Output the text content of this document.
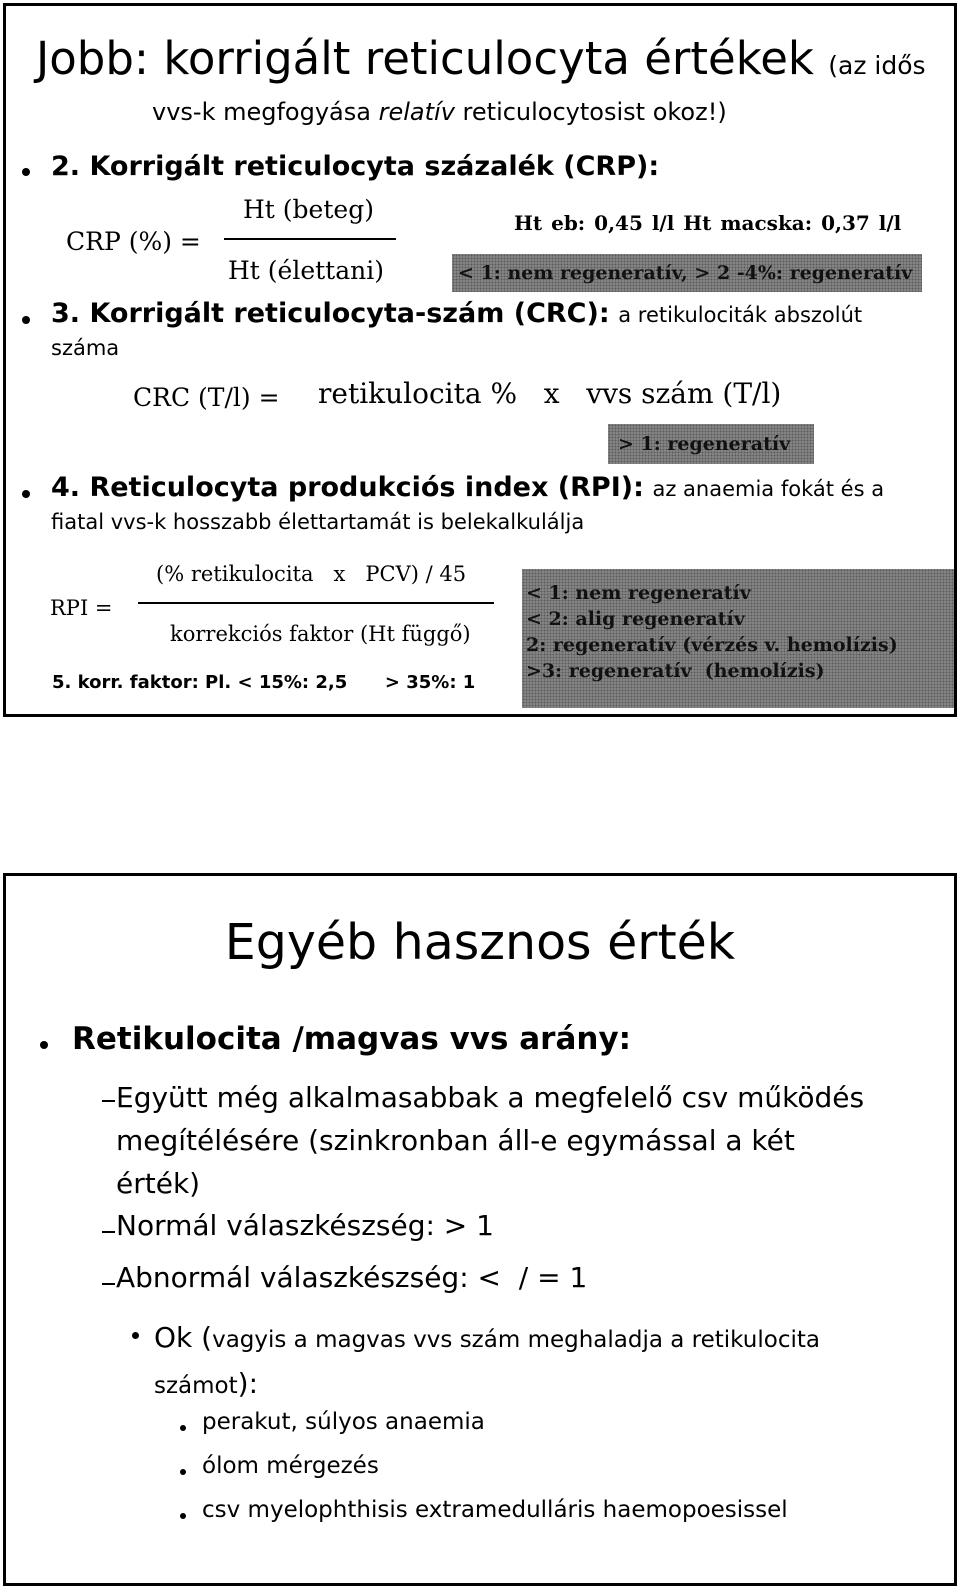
Jobb: korrigált reticulocyta értékek (az idős
vvs-k megfogyása relatív reticulocytosist okoz!)
2. Korrigált reticulocyta százalék (CRP):
CRP (%) =
Ht (beteg)
Ht (élettani)
Ht eb: 0,45 l/l Ht macska: 0,37 l/l
< 1: nem regeneratív, > 2 -4%: regeneratív
3. Korrigált reticulocyta-szám (CRC): a retikulociták abszolút
száma
CRC (T/l) = retikulocita %   x   vvs szám (T/l)
> 1: regeneratív
4. Reticulocyta produkciós index (RPI): az anaemia fokát és a
fiatal vvs-k hosszabb élettartamát is belekalkulálja
RPI =
(% retikulocita   x   PCV) / 45
korrekciós faktor (Ht függő)
5. korr. faktor: Pl. < 15%: 2,5      > 35%: 1
< 1: nem regeneratív
< 2: alig regeneratív
2: regeneratív (vérzés v. hemolízis)
>3: regeneratív  (hemolízis)
Egyéb hasznos érték
Retikulocita /magvas vvs arány:
Együtt még alkalmasabbak a megfelelő csv működés
megítélésére (szinkronban áll-e egymással a két
érték)
Normál válaszkészség: > 1
Abnormál válaszkészség: <  / = 1
Ok (vagyis a magvas vvs szám meghaladja a retikulocita
számot):
perakut, súlyos anaemia
ólom mérgezés
csv myelophthisis extramedulláris haemopoesissel
